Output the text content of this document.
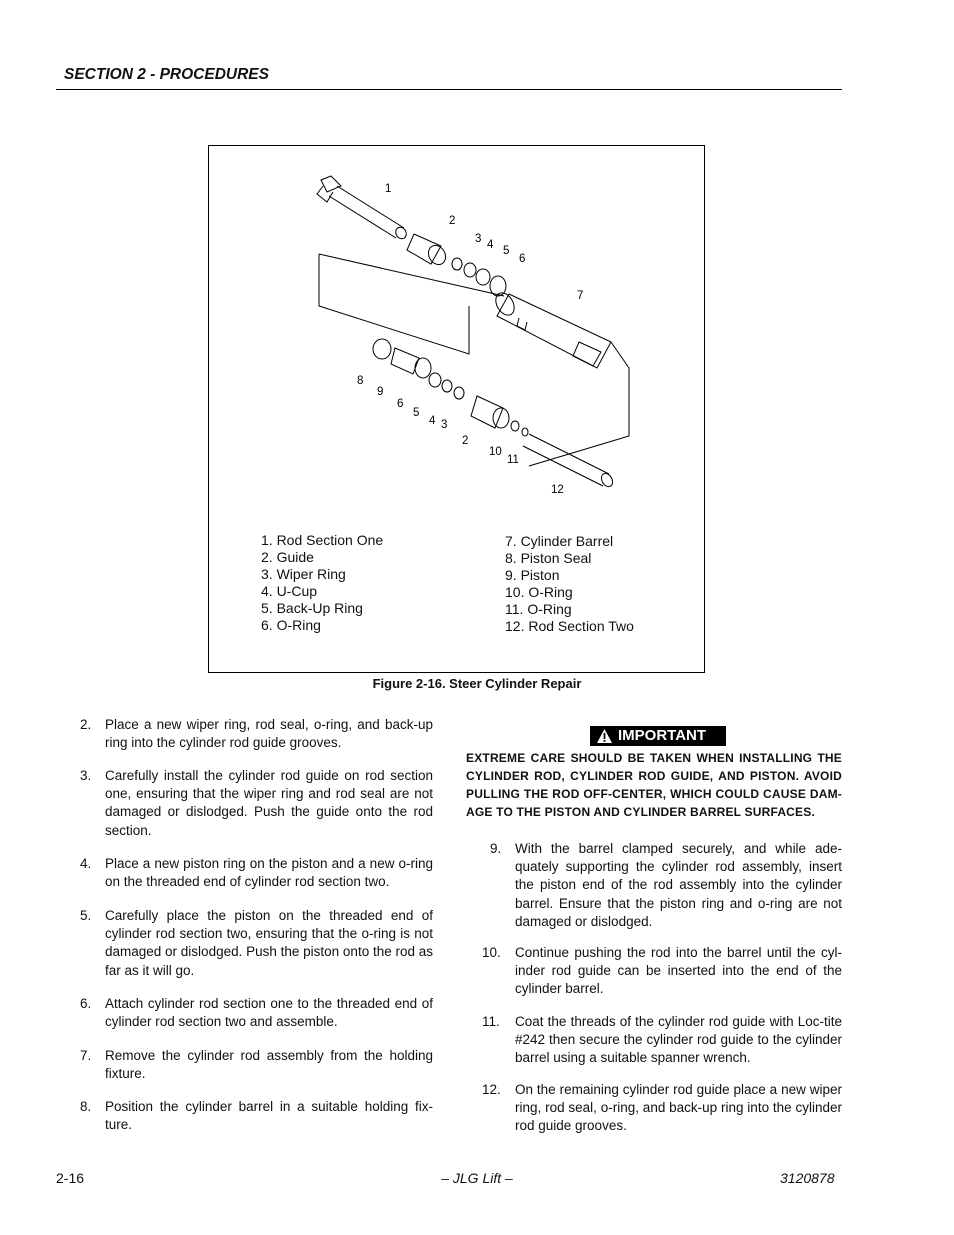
SECTION 2 - PROCEDURES
1
2
3 4 5
6
7
8
9
6
5
4 3
2
10
11
12
1. Rod Section One
2. Guide
3. Wiper Ring
4. U-Cup
5. Back-Up Ring
6. O-Ring
7. Cylinder Barrel
8. Piston Seal
9. Piston
10. O-Ring
11. O-Ring
12. Rod Section Two
Figure 2-16. Steer Cylinder Repair
2. Place a new wiper ring, rod seal, o-ring, and back-up ring into the cylinder rod guide grooves.
3. Carefully install the cylinder rod guide on rod section one, ensuring that the wiper ring and rod seal are not damaged or dislodged. Push the guide onto the rod section.
4. Place a new piston ring on the piston and a new o-ring on the threaded end of cylinder rod section two.
5. Carefully place the piston on the threaded end of cylinder rod section two, ensuring that the o-ring is not damaged or dislodged. Push the piston onto the rod as far as it will go.
6. Attach cylinder rod section one to the threaded end of cylinder rod section two and assemble.
7. Remove the cylinder rod assembly from the holding fixture.
8. Position the cylinder barrel in a suitable holding fix-ture.
IMPORTANT
EXTREME CARE SHOULD BE TAKEN WHEN INSTALLING THE CYLINDER ROD, CYLINDER ROD GUIDE, AND PISTON. AVOID PULLING THE ROD OFF-CENTER, WHICH COULD CAUSE DAM-AGE TO THE PISTON AND CYLINDER BARREL SURFACES.
9. With the barrel clamped securely, and while ade-quately supporting the cylinder rod assembly, insert the piston end of the rod assembly into the cylinder barrel. Ensure that the piston ring and o-ring are not damaged or dislodged.
10. Continue pushing the rod into the barrel until the cyl-inder rod guide can be inserted into the end of the cylinder barrel.
11. Coat the threads of the cylinder rod guide with Loc-tite #242 then secure the cylinder rod guide to the cylinder barrel using a suitable spanner wrench.
12. On the remaining cylinder rod guide place a new wiper ring, rod seal, o-ring, and back-up ring into the cylinder rod guide grooves.
2-16	– JLG Lift –	3120878
